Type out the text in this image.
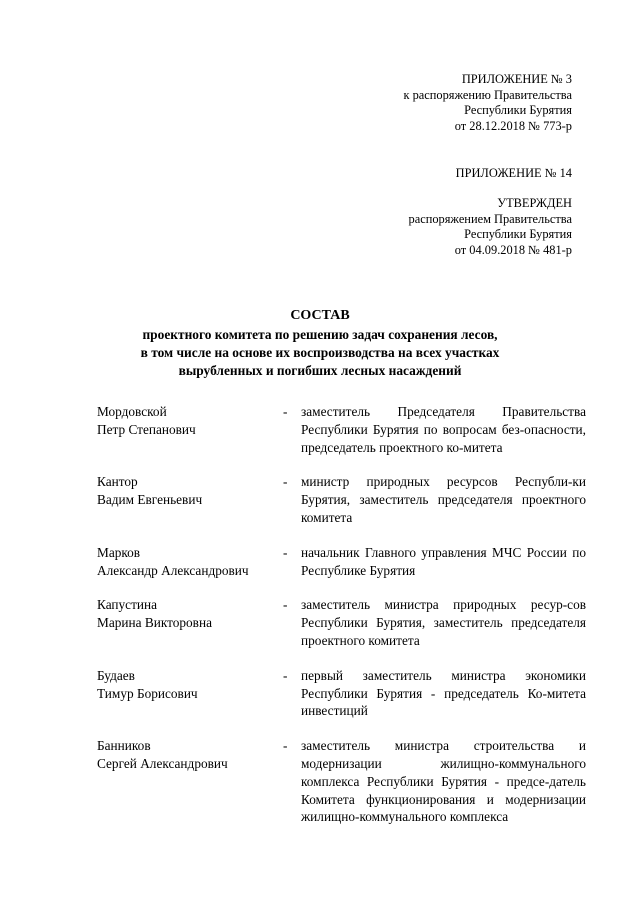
ПРИЛОЖЕНИЕ № 3
к распоряжению Правительства
Республики Бурятия
от 28.12.2018 № 773-р
ПРИЛОЖЕНИЕ № 14
УТВЕРЖДЕН
распоряжением Правительства
Республики Бурятия
от 04.09.2018 № 481-р
СОСТАВ
проектного комитета по решению задач сохранения лесов,
в том числе на основе их воспроизводства на всех участках
вырубленных и погибших лесных насаждений
Мордовской
Петр Степанович
-	заместитель Председателя Правительства Республики Бурятия по вопросам без-опасности, председатель проектного ко-митета
Кантор
Вадим Евгеньевич
-	министр природных ресурсов Республи-ки Бурятия, заместитель председателя проектного комитета
Марков
Александр Александрович
-	начальник Главного управления МЧС России по Республике Бурятия
Капустина
Марина Викторовна
-	заместитель министра природных ресур-сов Республики Бурятия, заместитель председателя проектного комитета
Будаев
Тимур Борисович
-	первый заместитель министра экономики Республики Бурятия - председатель Ко-митета инвестиций
Банников
Сергей Александрович
-	заместитель министра строительства и модернизации жилищно-коммунального комплекса Республики Бурятия - предсе-датель Комитета функционирования и модернизации жилищно-коммунального комплекса
